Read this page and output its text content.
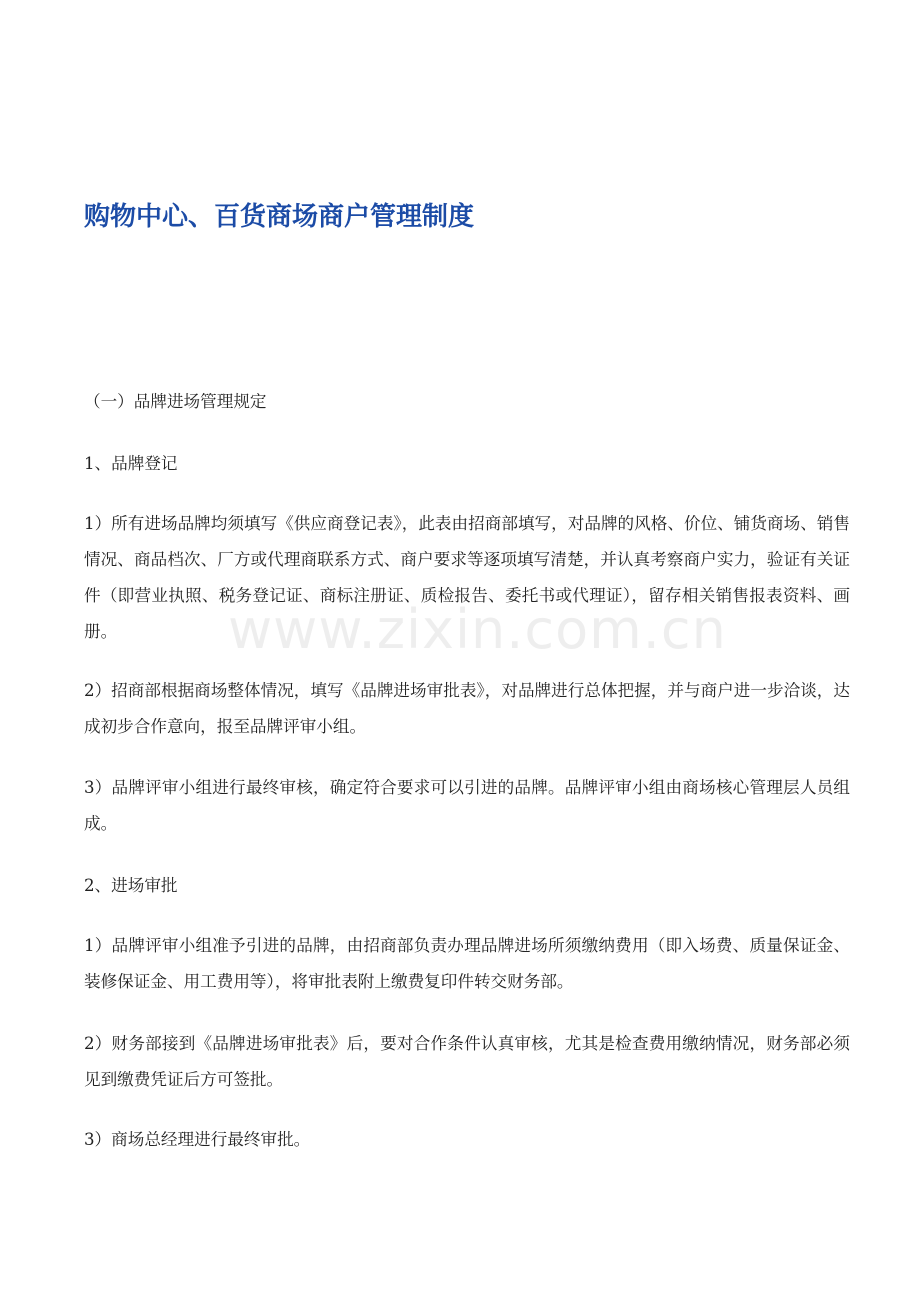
购物中心、百货商场商户管理制度

（一）品牌进场管理规定

1、品牌登记

1）所有进场品牌均须填写《供应商登记表》，此表由招商部填写，对品牌的风格、价位、铺货商场、销售情况、商品档次、厂方或代理商联系方式、商户要求等逐项填写清楚，并认真考察商户实力，验证有关证件（即营业执照、税务登记证、商标注册证、质检报告、委托书或代理证），留存相关销售报表资料、画册。

2）招商部根据商场整体情况，填写《品牌进场审批表》，对品牌进行总体把握，并与商户进一步洽谈，达成初步合作意向，报至品牌评审小组。

3）品牌评审小组进行最终审核，确定符合要求可以引进的品牌。品牌评审小组由商场核心管理层人员组成。

2、进场审批

1）品牌评审小组准予引进的品牌，由招商部负责办理品牌进场所须缴纳费用（即入场费、质量保证金、装修保证金、用工费用等），将审批表附上缴费复印件转交财务部。

2）财务部接到《品牌进场审批表》后，要对合作条件认真审核，尤其是检查费用缴纳情况，财务部必须见到缴费凭证后方可签批。

3）商场总经理进行最终审批。

www.zixin.com.cn
